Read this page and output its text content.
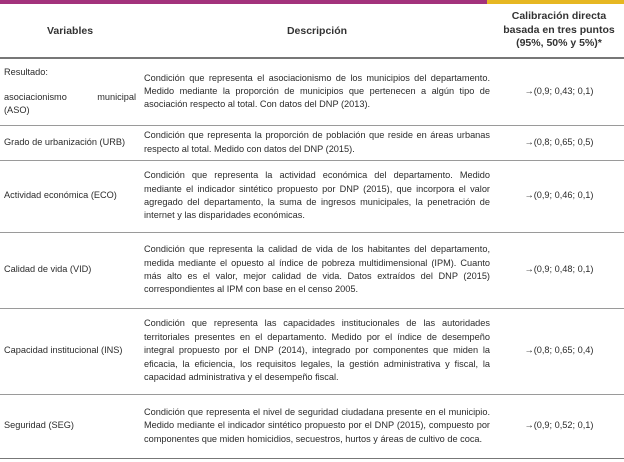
Variables	Descripción	Calibración directa
basada en tres puntos
(95%, 50% y 5%)*

Resultado:
asociacionismo municipal (ASO)	Condición que representa el asociacionismo de los municipios del departamento. Medido mediante la proporción de municipios que pertenecen a algún tipo de asociación respecto al total. Con datos del DNP (2013).	→(0,9; 0,43; 0,1)
Grado de urbanización (URB)	Condición que representa la proporción de población que reside en áreas urbanas respecto al total. Medido con datos del DNP (2015).	→(0,8; 0,65; 0,5)
Actividad económica (ECO)	Condición que representa la actividad económica del departamento. Medido mediante el indicador sintético propuesto por DNP (2015), que incorpora el valor agregado del departamento, la suma de ingresos municipales, la penetración de internet y las disparidades económicas.	→(0,9; 0,46; 0,1)
Calidad de vida (VID)	Condición que representa la calidad de vida de los habitantes del departamento, medida mediante el opuesto al índice de pobreza multidimensional (IPM). Cuanto más alto es el valor, mejor calidad de vida. Datos extraídos del DNP (2015) correspondientes al IPM con base en el censo 2005.	→(0,9; 0,48; 0,1)
Capacidad institucional (INS)	Condición que representa las capacidades institucionales de las autoridades territoriales presentes en el departamento. Medido por el índice de desempeño integral propuesto por el DNP (2014), integrado por componentes que miden la eficacia, la eficiencia, los requisitos legales, la gestión administrativa y fiscal, la capacidad administrativa y el desempeño fiscal.	→(0,8; 0,65; 0,4)
Seguridad (SEG)	Condición que representa el nivel de seguridad ciudadana presente en el municipio. Medido mediante el indicador sintético propuesto por el DNP (2015), compuesto por componentes que miden homicidios, secuestros, hurtos y áreas de cultivo de coca.	→(0,9; 0,52; 0,1)
